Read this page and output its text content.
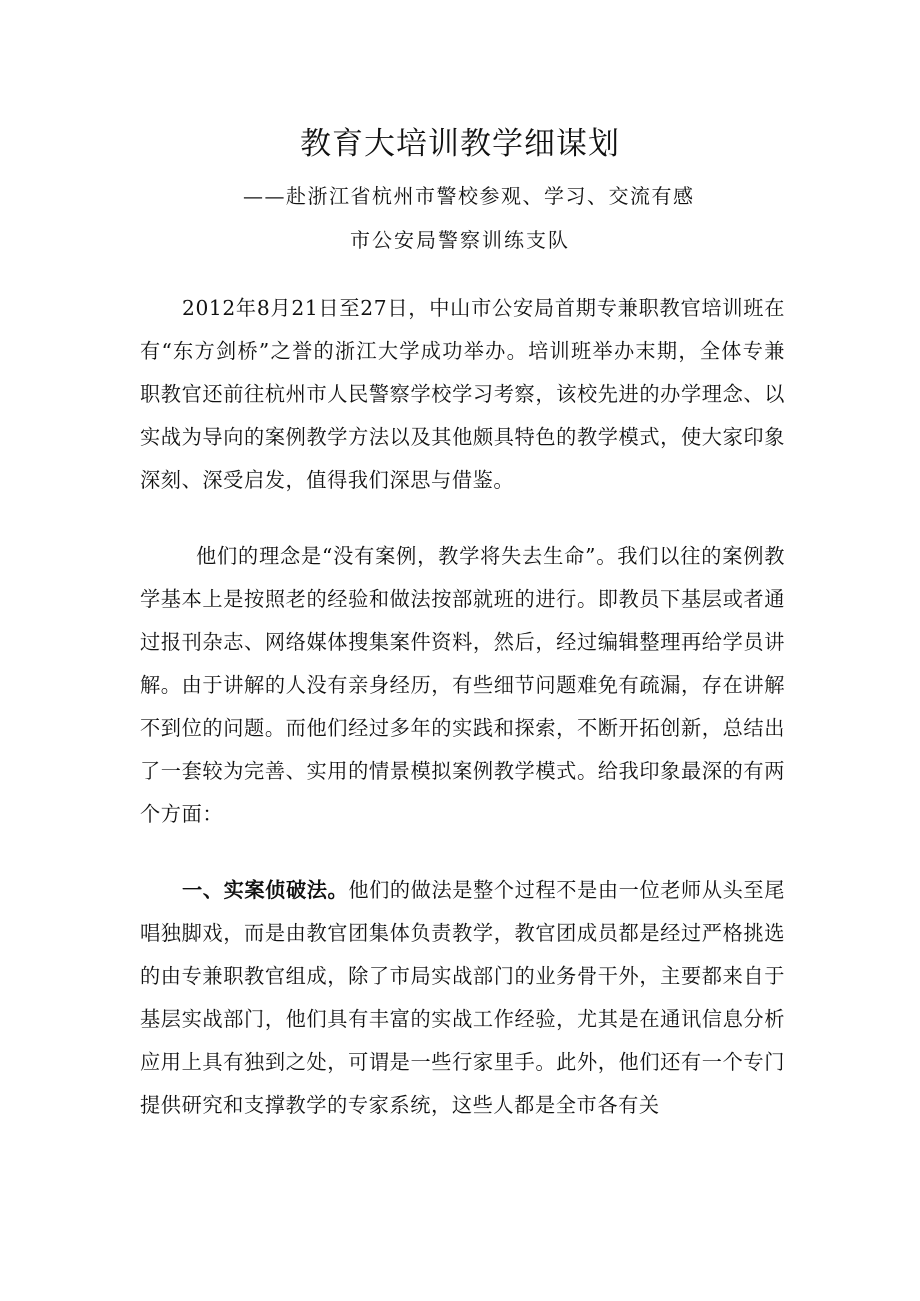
教育大培训教学细谋划
——赴浙江省杭州市警校参观、学习、交流有感
市公安局警察训练支队

2012年8月21日至27日，中山市公安局首期专兼职教官培训班在有“东方剑桥”之誉的浙江大学成功举办。培训班举办末期，全体专兼职教官还前往杭州市人民警察学校学习考察，该校先进的办学理念、以实战为导向的案例教学方法以及其他颇具特色的教学模式，使大家印象深刻、深受启发，值得我们深思与借鉴。

他们的理念是“没有案例，教学将失去生命”。我们以往的案例教学基本上是按照老的经验和做法按部就班的进行。即教员下基层或者通过报刊杂志、网络媒体搜集案件资料，然后，经过编辑整理再给学员讲解。由于讲解的人没有亲身经历，有些细节问题难免有疏漏，存在讲解不到位的问题。而他们经过多年的实践和探索，不断开拓创新，总结出了一套较为完善、实用的情景模拟案例教学模式。给我印象最深的有两个方面：

一、实案侦破法。他们的做法是整个过程不是由一位老师从头至尾唱独脚戏，而是由教官团集体负责教学，教官团成员都是经过严格挑选的由专兼职教官组成，除了市局实战部门的业务骨干外，主要都来自于基层实战部门，他们具有丰富的实战工作经验，尤其是在通讯信息分析应用上具有独到之处，可谓是一些行家里手。此外，他们还有一个专门提供研究和支撑教学的专家系统，这些人都是全市各有关
